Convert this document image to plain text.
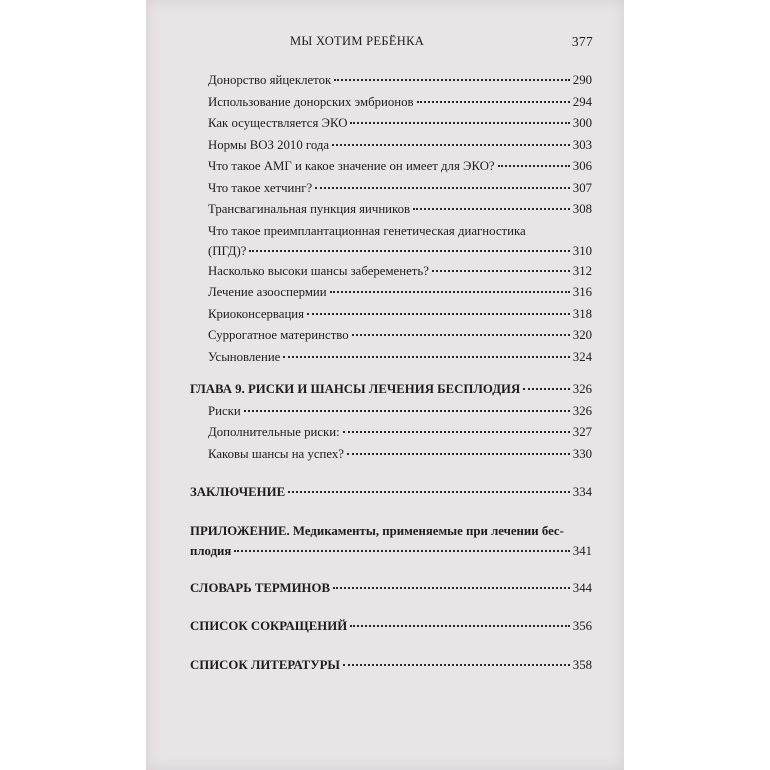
МЫ ХОТИМ РЕБЁНКА	377
Донорство яйцеклеток	290
Использование донорских эмбрионов	294
Как осуществляется ЭКО	300
Нормы ВОЗ 2010 года	303
Что такое АМГ и какое значение он имеет для ЭКО?	306
Что такое хетчинг?	307
Трансвагинальная пункция яичников	308
Что такое преимплантационная генетическая диагностика
(ПГД)?	310
Насколько высоки шансы забеременеть?	312
Лечение азооспермии	316
Криоконсервация	318
Суррогатное материнство	320
Усыновление	324
ГЛАВА 9. РИСКИ И ШАНСЫ ЛЕЧЕНИЯ БЕСПЛОДИЯ	326
Риски	326
Дополнительные риски:	327
Каковы шансы на успех?	330
ЗАКЛЮЧЕНИЕ	334
ПРИЛОЖЕНИЕ. Медикаменты, применяемые при лечении бес-
плодия	341
СЛОВАРЬ ТЕРМИНОВ	344
СПИСОК СОКРАЩЕНИЙ	356
СПИСОК ЛИТЕРАТУРЫ	358
